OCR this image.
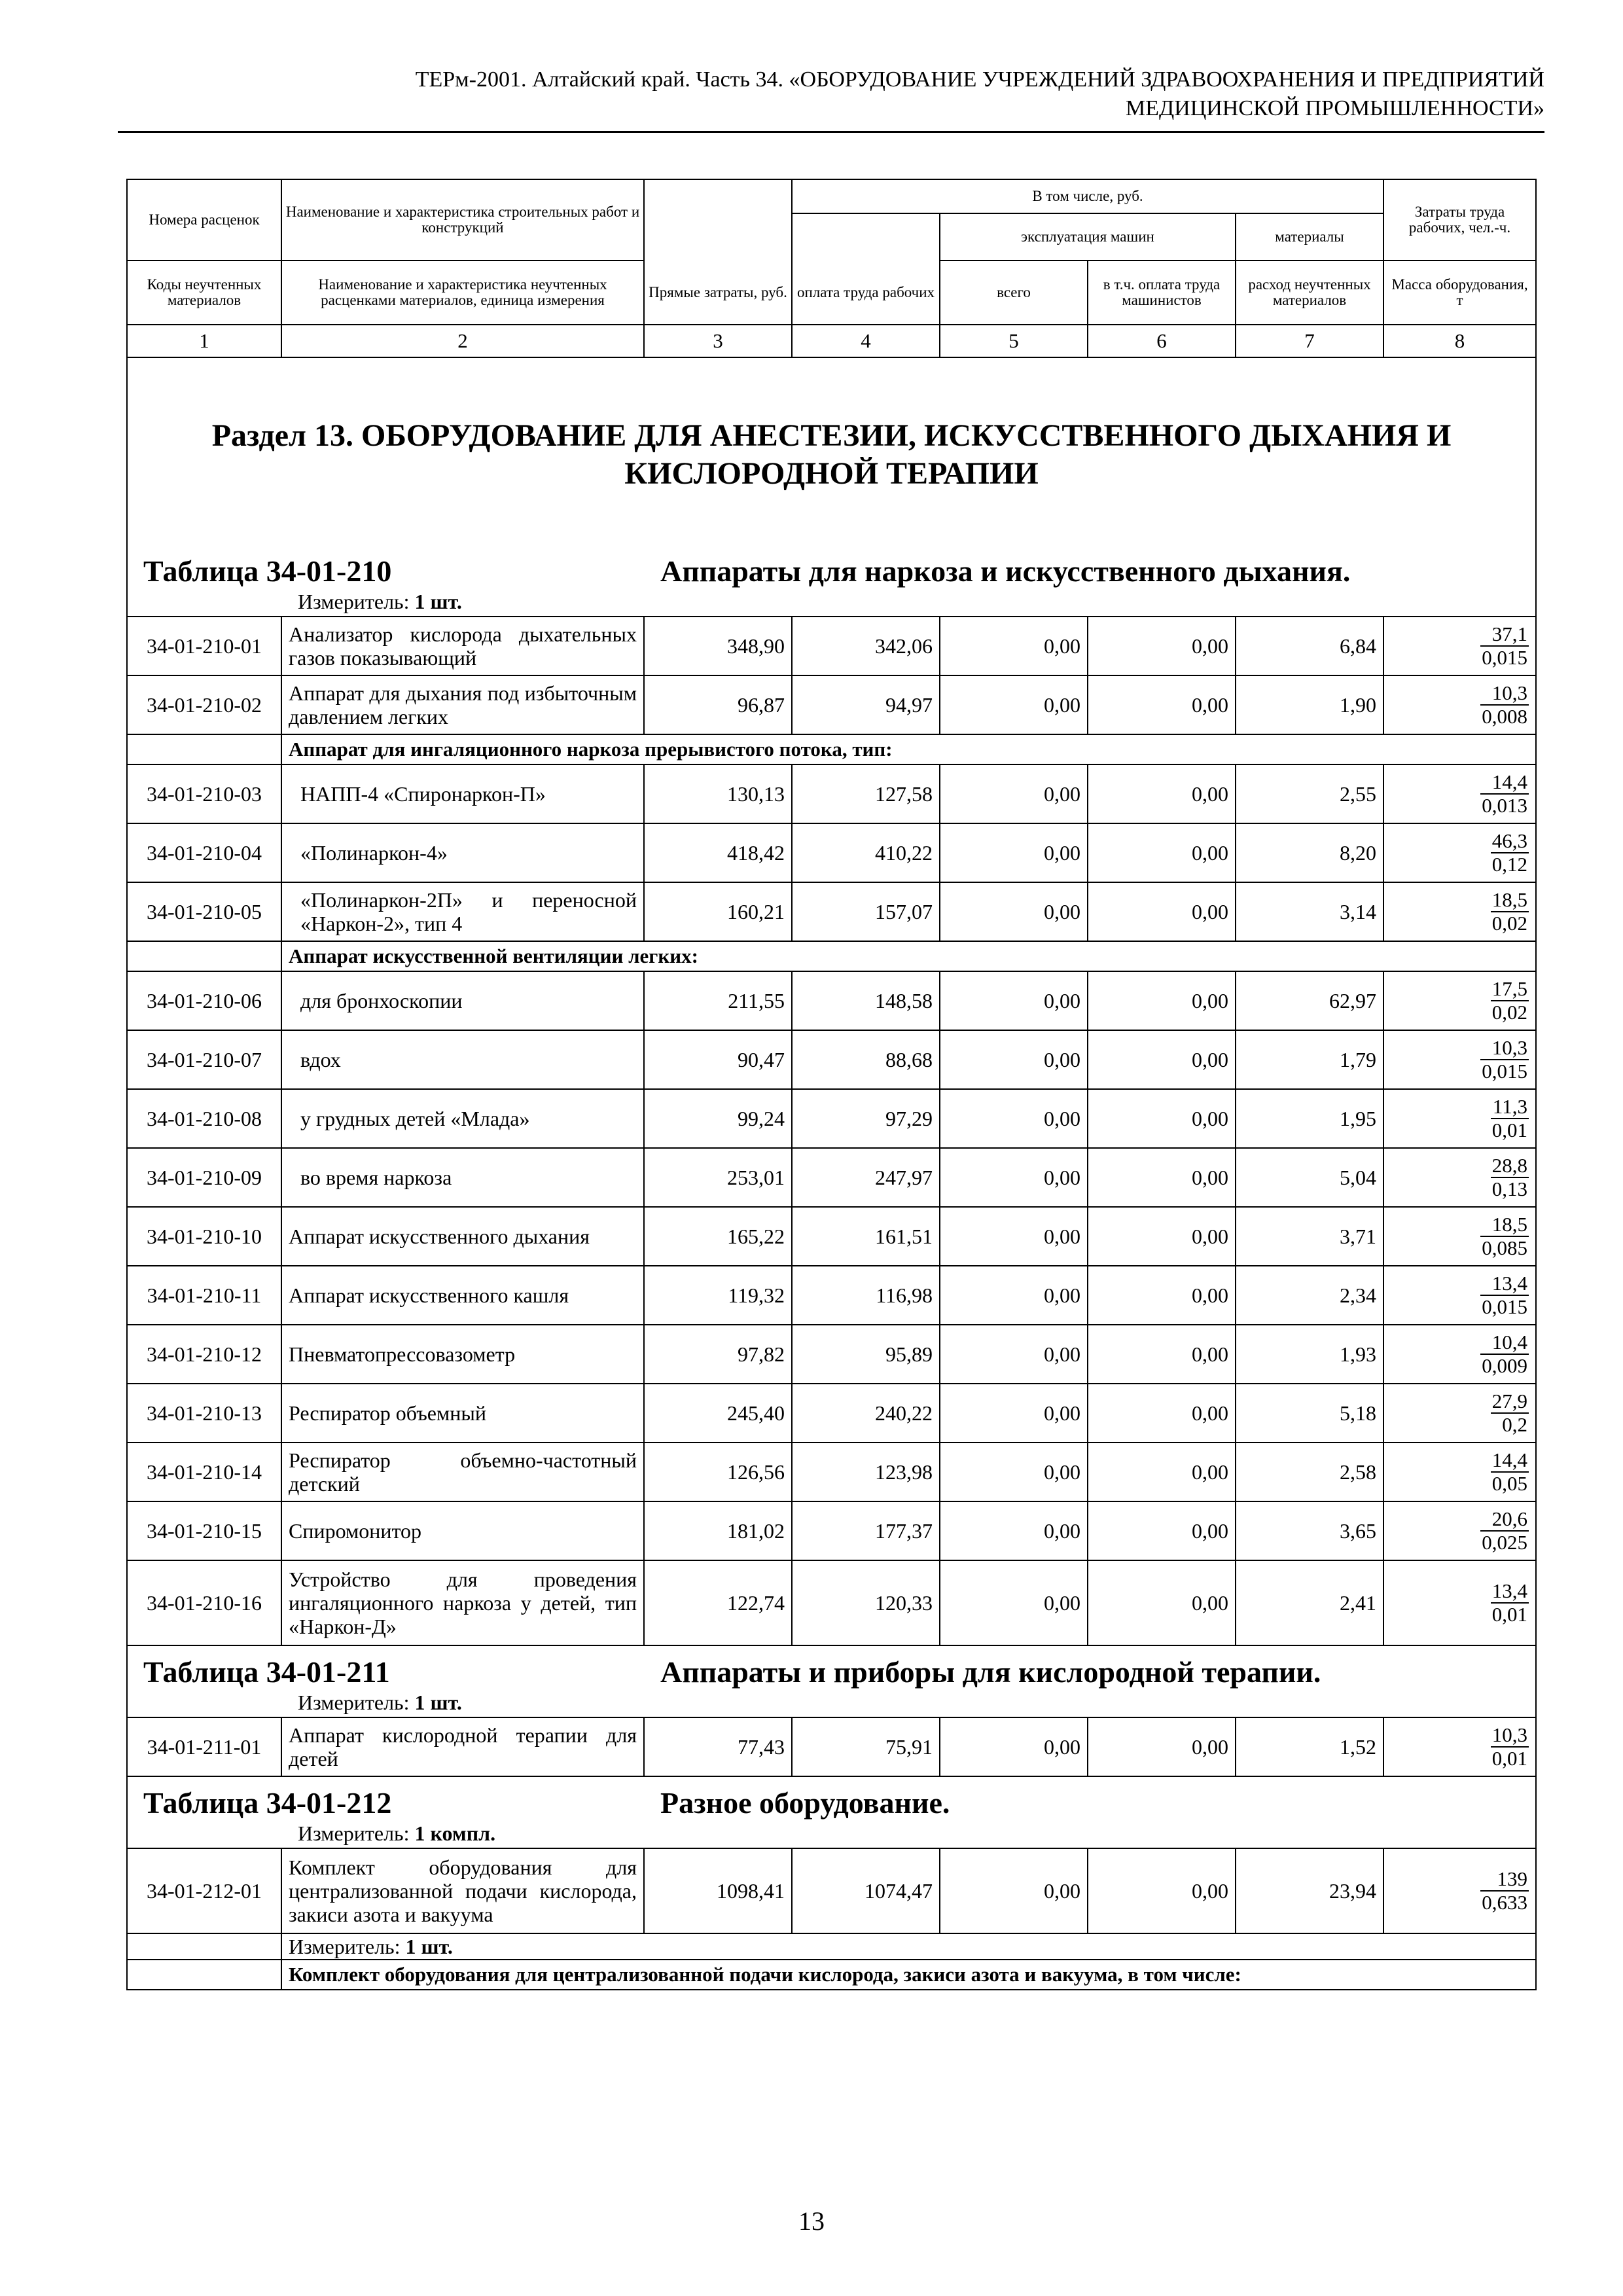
ТЕРм-2001. Алтайский край. Часть 34. «ОБОРУДОВАНИЕ УЧРЕЖДЕНИЙ ЗДРАВООХРАНЕНИЯ И ПРЕДПРИЯТИЙ
МЕДИЦИНСКОЙ ПРОМЫШЛЕННОСТИ»
Номера расценок	Наименование и характеристика строительных работ и конструкций		В том числе, руб.				Затраты труда рабочих, чел.-ч.
				эксплуатация машин		материалы	

Коды неучтенных материалов	Наименование и характеристика неучтенных расценками материалов, единица измерения	Прямые затраты, руб.	оплата труда рабочих	всего	в т.ч. оплата труда машинистов	расход неучтенных материалов	Масса оборудования, т
1	2	3	4	5	6	7	8
Раздел 13. ОБОРУДОВАНИЕ ДЛЯ АНЕСТЕЗИИ, ИСКУССТВЕННОГО ДЫХАНИЯ И КИСЛОРОДНОЙ ТЕРАПИИ							

Таблица 34-01-210 Аппараты для наркоза и искусственного дыхания.
Измеритель: 1 шт.							

34-01-210-01	Анализатор кислорода дыхательных газов показывающий	348,90	342,06	0,00	0,00	6,84	$\frac{37,1}{0,015}$

34-01-210-02	Аппарат для дыхания под избыточным давлением легких	96,87	94,97	0,00	0,00	1,90	$\frac{10,3}{0,008}$

	Аппарат для ингаляционного наркоза прерывистого потока, тип:						
34-01-210-03	НАПП-4 «Спиронаркон-П»	130,13	127,58	0,00	0,00	2,55	$\frac{14,4}{0,013}$

34-01-210-04	«Полинаркон-4»	418,42	410,22	0,00	0,00	8,20	$\frac{46,3}{0,12}$

34-01-210-05	«Полинаркон-2П» и переносной «Наркон-2», тип 4	160,21	157,07	0,00	0,00	3,14	$\frac{18,5}{0,02}$

	Аппарат искусственной вентиляции легких:						
34-01-210-06	для бронхоскопии	211,55	148,58	0,00	0,00	62,97	$\frac{17,5}{0,02}$

34-01-210-07	вдох	90,47	88,68	0,00	0,00	1,79	$\frac{10,3}{0,015}$

34-01-210-08	у грудных детей «Млада»	99,24	97,29	0,00	0,00	1,95	$\frac{11,3}{0,01}$

34-01-210-09	во время наркоза	253,01	247,97	0,00	0,00	5,04	$\frac{28,8}{0,13}$

34-01-210-10	Аппарат искусственного дыхания	165,22	161,51	0,00	0,00	3,71	$\frac{18,5}{0,085}$

34-01-210-11	Аппарат искусственного кашля	119,32	116,98	0,00	0,00	2,34	$\frac{13,4}{0,015}$

34-01-210-12	Пневматопрессовазометр	97,82	95,89	0,00	0,00	1,93	$\frac{10,4}{0,009}$

34-01-210-13	Респиратор объемный	245,40	240,22	0,00	0,00	5,18	$\frac{27,9}{0,2}$

34-01-210-14	Респиратор объемно-частотный детский	126,56	123,98	0,00	0,00	2,58	$\frac{14,4}{0,05}$

34-01-210-15	Спиромонитор	181,02	177,37	0,00	0,00	3,65	$\frac{20,6}{0,025}$

34-01-210-16	Устройство для проведения ингаляционного наркоза у детей, тип «Наркон-Д»	122,74	120,33	0,00	0,00	2,41	$\frac{13,4}{0,01}$

Таблица 34-01-211 Аппараты и приборы для кислородной терапии.
Измеритель: 1 шт.							

34-01-211-01	Аппарат кислородной терапии для детей	77,43	75,91	0,00	0,00	1,52	$\frac{10,3}{0,01}$

Таблица 34-01-212 Разное оборудование.
Измеритель: 1 компл.							

34-01-212-01	Комплект оборудования для централизованной подачи кислорода, закиси азота и вакуума	1098,41	1074,47	0,00	0,00	23,94	$\frac{139}{0,633}$

	Измеритель: 1 шт.						
	Комплект оборудования для централизованной подачи кислорода, закиси азота и вакуума, в том числе:						
13
